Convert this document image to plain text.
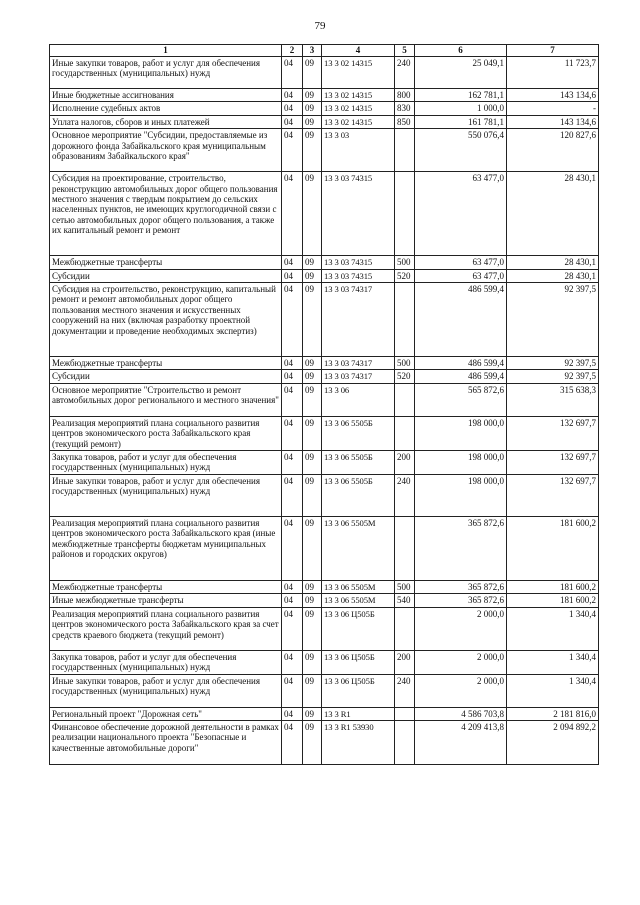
79
1	2	3	4	5	6	7
Иные закупки товаров, работ и услуг для обеспечения государственных (муниципальных) нужд	04	09	13 3 02 14315	240	25 049,1	11 723,7
Иные бюджетные ассигнования	04	09	13 3 02 14315	800	162 781,1	143 134,6
Исполнение судебных актов	04	09	13 3 02 14315	830	1 000,0	-
Уплата налогов, сборов и иных платежей	04	09	13 3 02 14315	850	161 781,1	143 134,6
Основное мероприятие "Субсидии, предоставляемые из дорожного фонда Забайкальского края муниципальным образованиям Забайкальского края"	04	09	13 3 03		550 076,4	120 827,6
Субсидия на проектирование, строительство, реконструкцию автомобильных дорог общего пользования местного значения с твердым покрытием до сельских населенных пунктов, не имеющих круглогодичной связи с сетью автомобильных дорог общего пользования, а также их капитальный ремонт и ремонт	04	09	13 3 03 74315		63 477,0	28 430,1
Межбюджетные трансферты	04	09	13 3 03 74315	500	63 477,0	28 430,1
Субсидии	04	09	13 3 03 74315	520	63 477,0	28 430,1
Субсидия на строительство, реконструкцию, капитальный ремонт и ремонт автомобильных дорог общего пользования местного значения и искусственных сооружений на них (включая разработку проектной документации и проведение необходимых экспертиз)	04	09	13 3 03 74317		486 599,4	92 397,5
Межбюджетные трансферты	04	09	13 3 03 74317	500	486 599,4	92 397,5
Субсидии	04	09	13 3 03 74317	520	486 599,4	92 397,5
Основное мероприятие "Строительство и ремонт автомобильных дорог регионального и местного значения"	04	09	13 3 06		565 872,6	315 638,3
Реализация мероприятий плана социального развития центров экономического роста Забайкальского края (текущий ремонт)	04	09	13 3 06 5505Б		198 000,0	132 697,7
Закупка товаров, работ и услуг для обеспечения государственных (муниципальных) нужд	04	09	13 3 06 5505Б	200	198 000,0	132 697,7
Иные закупки товаров, работ и услуг для обеспечения государственных (муниципальных) нужд	04	09	13 3 06 5505Б	240	198 000,0	132 697,7
Реализация мероприятий плана социального развития центров экономического роста Забайкальского края (иные межбюджетные трансферты бюджетам муниципальных районов и городских округов)	04	09	13 3 06 5505М		365 872,6	181 600,2
Межбюджетные трансферты	04	09	13 3 06 5505М	500	365 872,6	181 600,2
Иные межбюджетные трансферты	04	09	13 3 06 5505М	540	365 872,6	181 600,2
Реализация мероприятий плана социального развития центров экономического роста Забайкальского края за счет средств краевого бюджета (текущий ремонт)	04	09	13 3 06 Ц505Б		2 000,0	1 340,4
Закупка товаров, работ и услуг для обеспечения государственных (муниципальных) нужд	04	09	13 3 06 Ц505Б	200	2 000,0	1 340,4
Иные закупки товаров, работ и услуг для обеспечения государственных (муниципальных) нужд	04	09	13 3 06 Ц505Б	240	2 000,0	1 340,4
Региональный проект "Дорожная сеть"	04	09	13 3 R1		4 586 703,8	2 181 816,0
Финансовое обеспечение дорожной деятельности в рамках реализации национального проекта "Безопасные и качественные автомобильные дороги"	04	09	13 3 R1 53930		4 209 413,8	2 094 892,2
